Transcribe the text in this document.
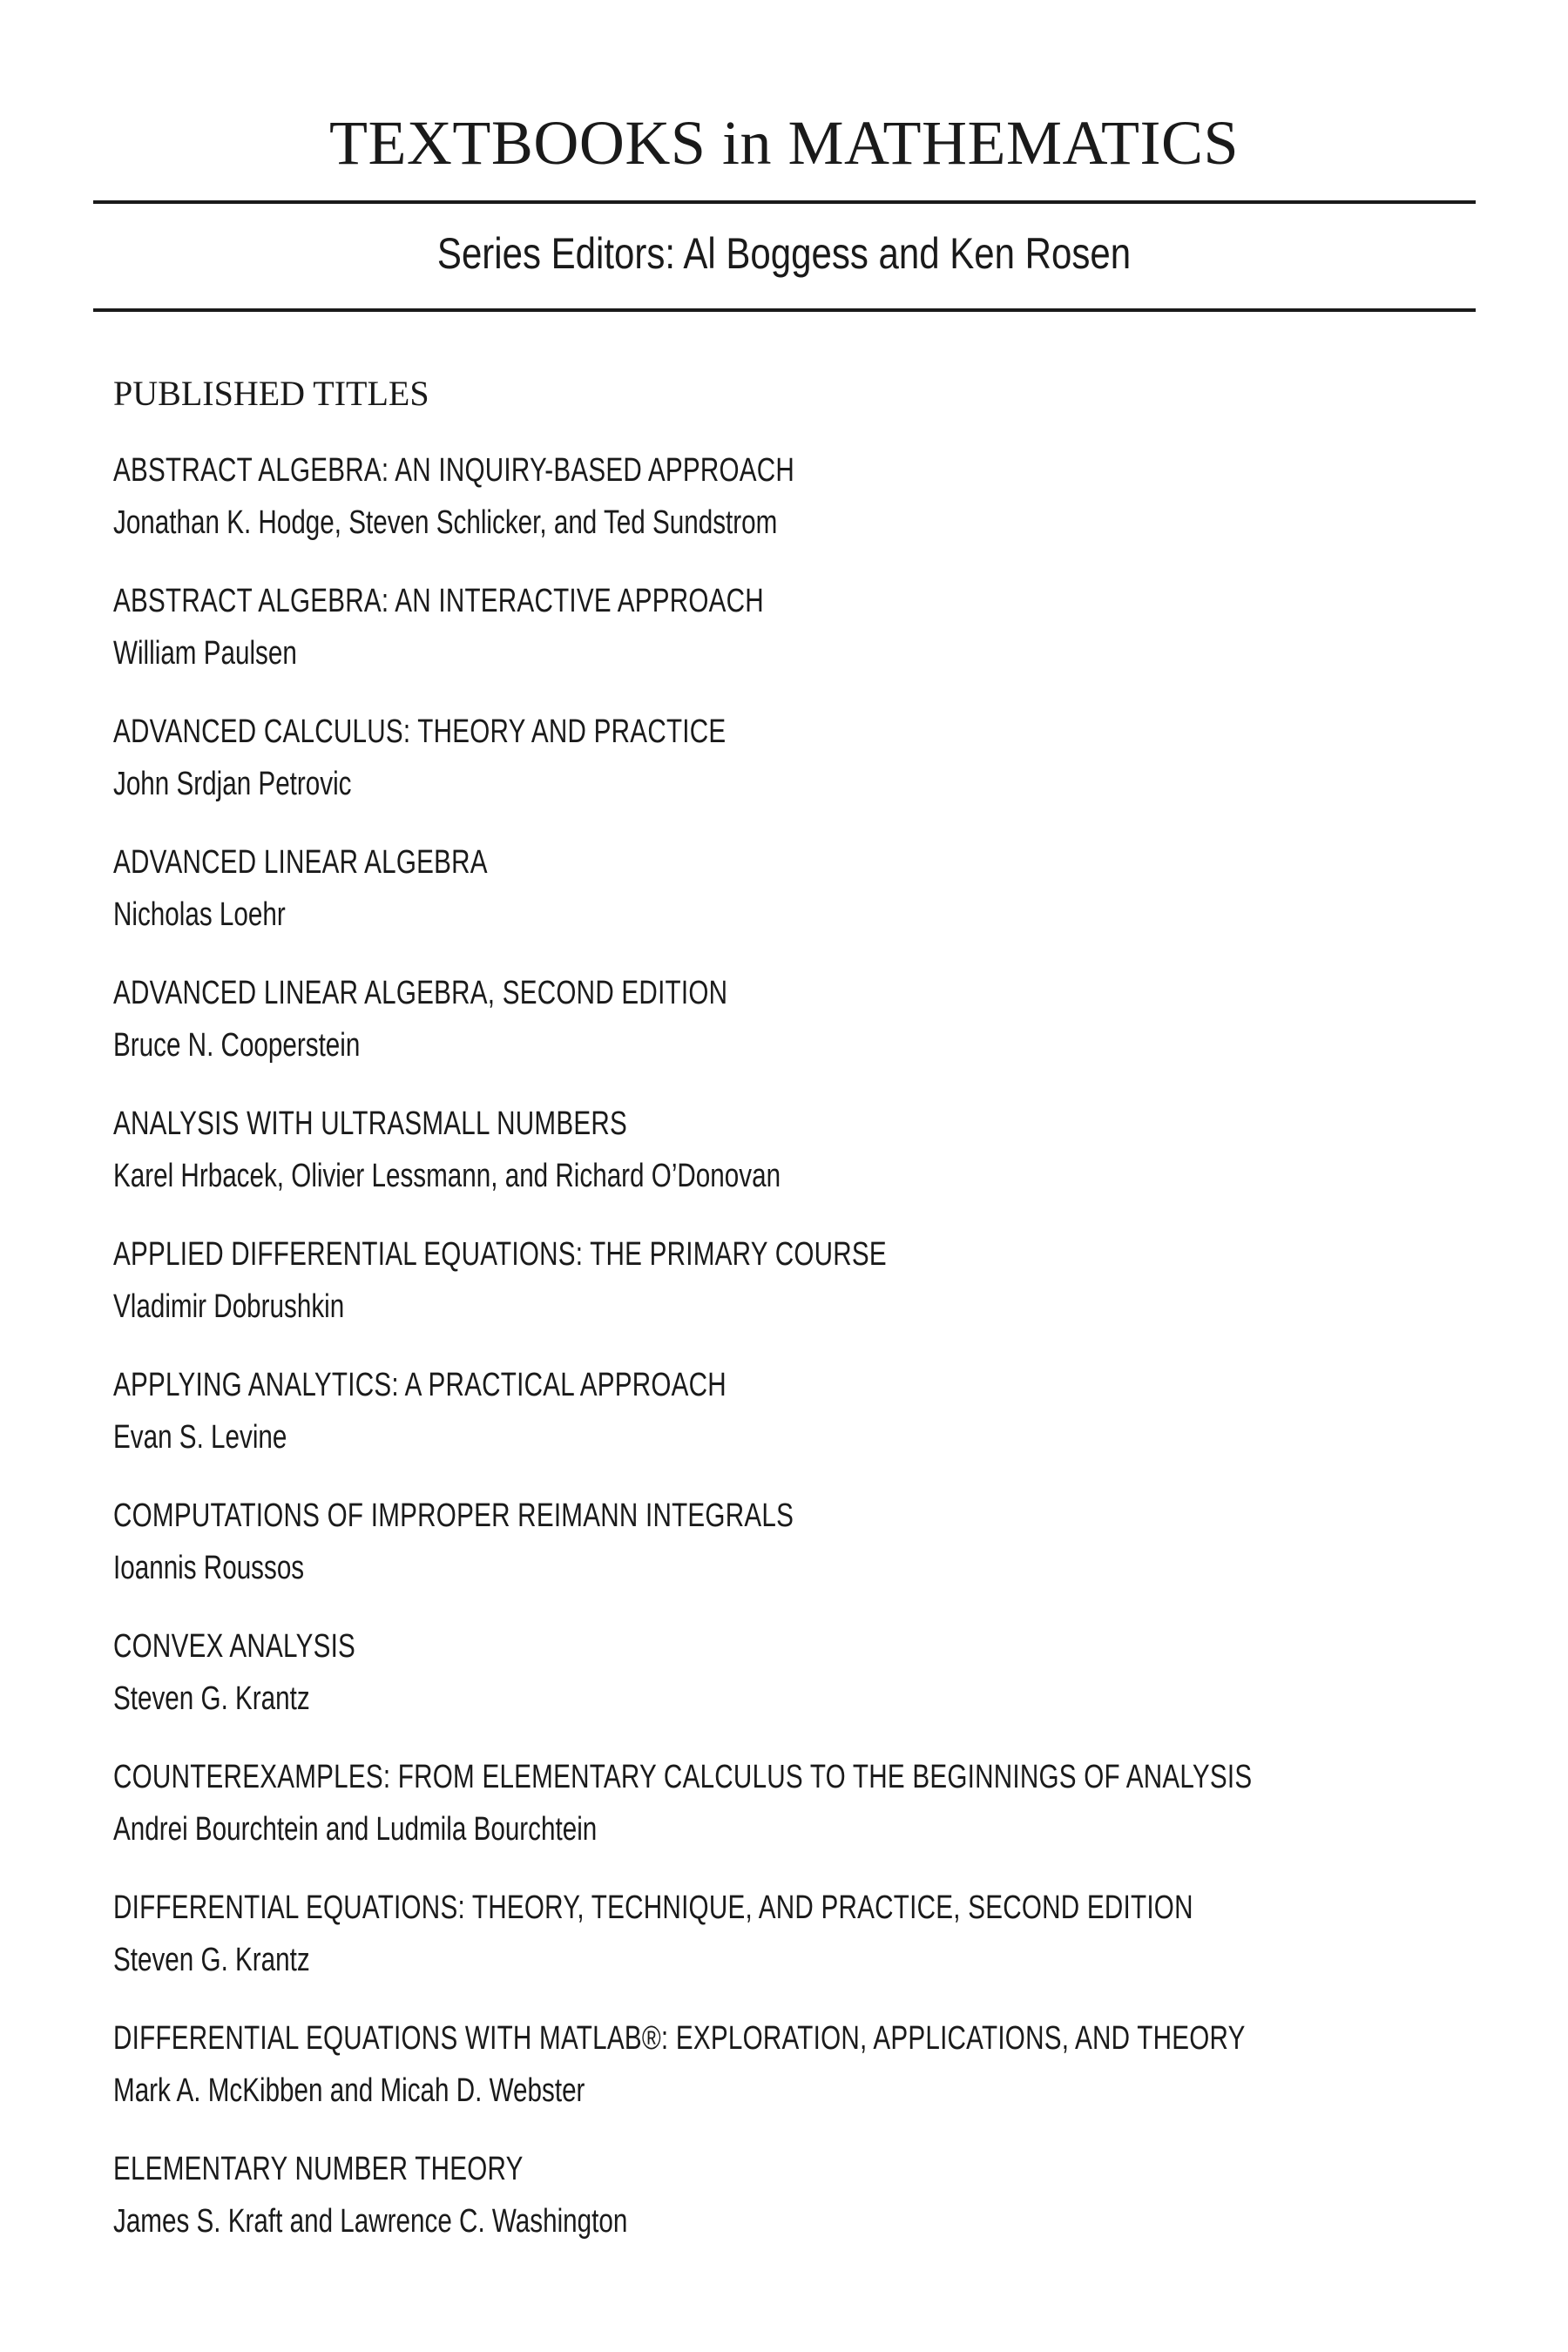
TEXTBOOKS in MATHEMATICS

Series Editors: Al Boggess and Ken Rosen

PUBLISHED TITLES
ABSTRACT ALGEBRA: AN INQUIRY-BASED APPROACH
Jonathan K. Hodge, Steven Schlicker, and Ted Sundstrom
ABSTRACT ALGEBRA: AN INTERACTIVE APPROACH
William Paulsen
ADVANCED CALCULUS: THEORY AND PRACTICE
John Srdjan Petrovic
ADVANCED LINEAR ALGEBRA
Nicholas Loehr
ADVANCED LINEAR ALGEBRA, SECOND EDITION
Bruce N. Cooperstein
ANALYSIS WITH ULTRASMALL NUMBERS
Karel Hrbacek, Olivier Lessmann, and Richard O’Donovan
APPLIED DIFFERENTIAL EQUATIONS: THE PRIMARY COURSE
Vladimir Dobrushkin
APPLYING ANALYTICS: A PRACTICAL APPROACH
Evan S. Levine
COMPUTATIONS OF IMPROPER REIMANN INTEGRALS
Ioannis Roussos
CONVEX ANALYSIS
Steven G. Krantz
COUNTEREXAMPLES: FROM ELEMENTARY CALCULUS TO THE BEGINNINGS OF ANALYSIS
Andrei Bourchtein and Ludmila Bourchtein
DIFFERENTIAL EQUATIONS: THEORY, TECHNIQUE, AND PRACTICE, SECOND EDITION
Steven G. Krantz
DIFFERENTIAL EQUATIONS WITH MATLAB®: EXPLORATION, APPLICATIONS, AND THEORY
Mark A. McKibben and Micah D. Webster
ELEMENTARY NUMBER THEORY
James S. Kraft and Lawrence C. Washington
